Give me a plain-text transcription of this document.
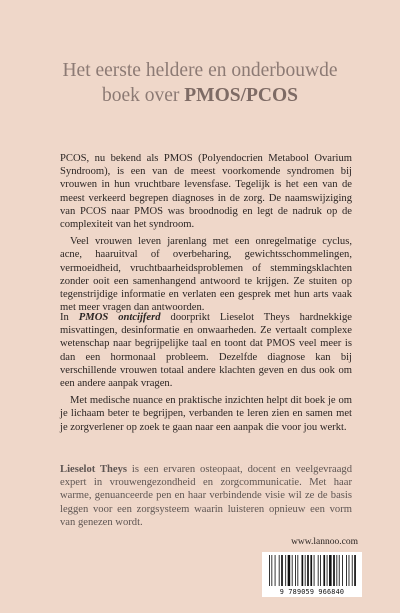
Het eerste heldere en onderbouwde
boek over PMOS/PCOS

PCOS, nu bekend als PMOS (Polyendocrien Metabool Ovarium Syndroom), is een van de meest voorkomende syndromen bij vrouwen in hun vruchtbare levensfase. Tegelijk is het een van de meest verkeerd begrepen diagnoses in de zorg. De naamswijziging van PCOS naar PMOS was broodnodig en legt de nadruk op de complexiteit van het syndroom.

Veel vrouwen leven jarenlang met een onregelmatige cyclus, acne, haaruitval of overbeharing, gewichtsschommelingen, vermoeidheid, vruchtbaarheidsproblemen of stemmingsklachten zonder ooit een samenhangend antwoord te krijgen. Ze stuiten op tegenstrijdige informatie en verlaten een gesprek met hun arts vaak met meer vragen dan antwoorden.

In PMOS ontcijferd doorprikt Lieselot Theys hardnekkige misvattingen, desinformatie en onwaarheden. Ze vertaalt complexe wetenschap naar begrijpelijke taal en toont dat PMOS veel meer is dan een hormonaal probleem. Dezelfde diagnose kan bij verschillende vrouwen totaal andere klachten geven en dus ook om een andere aanpak vragen.

Met medische nuance en praktische inzichten helpt dit boek je om je lichaam beter te begrijpen, verbanden te leren zien en samen met je zorgverlener op zoek te gaan naar een aanpak die voor jou werkt.

Lieselot Theys is een ervaren osteopaat, docent en veelgevraagd expert in vrouwengezondheid en zorgcommunicatie. Met haar warme, genuanceerde pen en haar verbindende visie wil ze de basis leggen voor een zorgsysteem waarin luisteren opnieuw een vorm van genezen wordt.

www.lannoo.com
9 789059 966840
